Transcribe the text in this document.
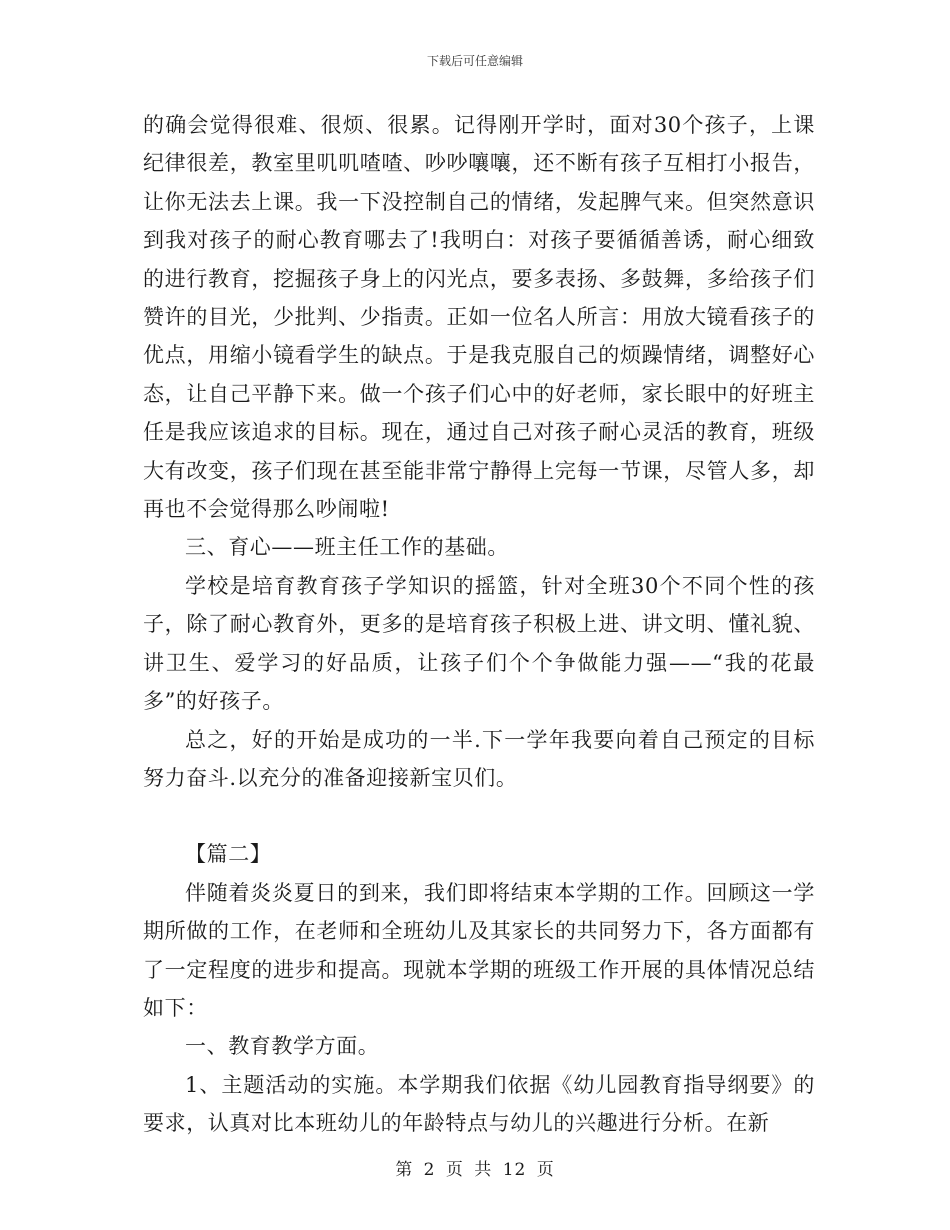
下载后可任意编辑

的确会觉得很难、很烦、很累。记得刚开学时，面对30个孩子，上课纪律很差，教室里叽叽喳喳、吵吵嚷嚷，还不断有孩子互相打小报告，让你无法去上课。我一下没控制自己的情绪，发起脾气来。但突然意识到我对孩子的耐心教育哪去了!我明白：对孩子要循循善诱，耐心细致的进行教育，挖掘孩子身上的闪光点，要多表扬、多鼓舞，多给孩子们赞许的目光，少批判、少指责。正如一位名人所言：用放大镜看孩子的优点，用缩小镜看学生的缺点。于是我克服自己的烦躁情绪，调整好心态，让自己平静下来。做一个孩子们心中的好老师，家长眼中的好班主任是我应该追求的目标。现在，通过自己对孩子耐心灵活的教育，班级大有改变，孩子们现在甚至能非常宁静得上完每一节课，尽管人多，却再也不会觉得那么吵闹啦!

三、育心——班主任工作的基础。

学校是培育教育孩子学知识的摇篮，针对全班30个不同个性的孩子，除了耐心教育外，更多的是培育孩子积极上进、讲文明、懂礼貌、讲卫生、爱学习的好品质，让孩子们个个争做能力强——“我的花最多”的好孩子。

总之，好的开始是成功的一半.下一学年我要向着自己预定的目标努力奋斗.以充分的准备迎接新宝贝们。

【篇二】

伴随着炎炎夏日的到来，我们即将结束本学期的工作。回顾这一学期所做的工作，在老师和全班幼儿及其家长的共同努力下，各方面都有了一定程度的进步和提高。现就本学期的班级工作开展的具体情况总结如下：

一、教育教学方面。

1、主题活动的实施。本学期我们依据《幼儿园教育指导纲要》的要求，认真对比本班幼儿的年龄特点与幼儿的兴趣进行分析。在新

第 2 页 共 12 页
